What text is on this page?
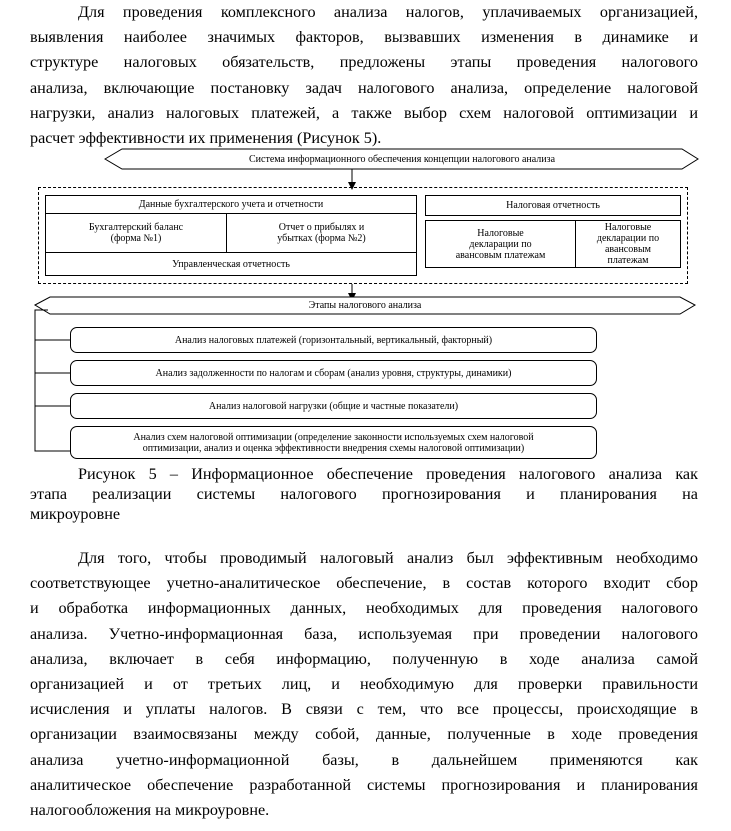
Для проведения комплексного анализа налогов, уплачиваемых организацией,
выявления наиболее значимых факторов, вызвавших изменения в динамике и
структуре налоговых обязательств, предложены этапы проведения налогового
анализа, включающие постановку задач налогового анализа, определение налоговой
нагрузки, анализ налоговых платежей, а также выбор схем налоговой оптимизации и
расчет эффективности их применения (Рисунок 5).
Система информационного обеспечения концепции налогового анализа
Данные бухгалтерского учета и отчетности
Бухгалтерский баланс
(форма №1)
Отчет о прибылях и
убытках (форма №2)
Управленческая отчетность
Налоговая отчетность
Налоговые
декларации по
авансовым платежам
Налоговые
декларации по
авансовым
платежам
Этапы налогового анализа
Анализ налоговых платежей (горизонтальный, вертикальный, факторный)
Анализ задолженности по налогам и сборам (анализ уровня, структуры, динамики)
Анализ налоговой нагрузки (общие и частные показатели)
Анализ схем налоговой оптимизации (определение законности используемых схем налоговой
оптимизации, анализ и оценка эффективности внедрения схемы налоговой оптимизации)
Рисунок 5 – Информационное обеспечение проведения налогового анализа как
этапа реализации системы налогового прогнозирования и планирования на
микроуровне
Для того, чтобы проводимый налоговый анализ был эффективным необходимо
соответствующее учетно-аналитическое обеспечение, в состав которого входит сбор
и обработка информационных данных, необходимых для проведения налогового
анализа. Учетно-информационная база, используемая при проведении налогового
анализа, включает в себя информацию, полученную в ходе анализа самой
организацией и от третьих лиц, и необходимую для проверки правильности
исчисления и уплаты налогов. В связи с тем, что все процессы, происходящие в
организации взаимосвязаны между собой, данные, полученные в ходе проведения
анализа учетно-информационной базы, в дальнейшем применяются как
аналитическое обеспечение разработанной системы прогнозирования и планирования
налогообложения на микроуровне.
